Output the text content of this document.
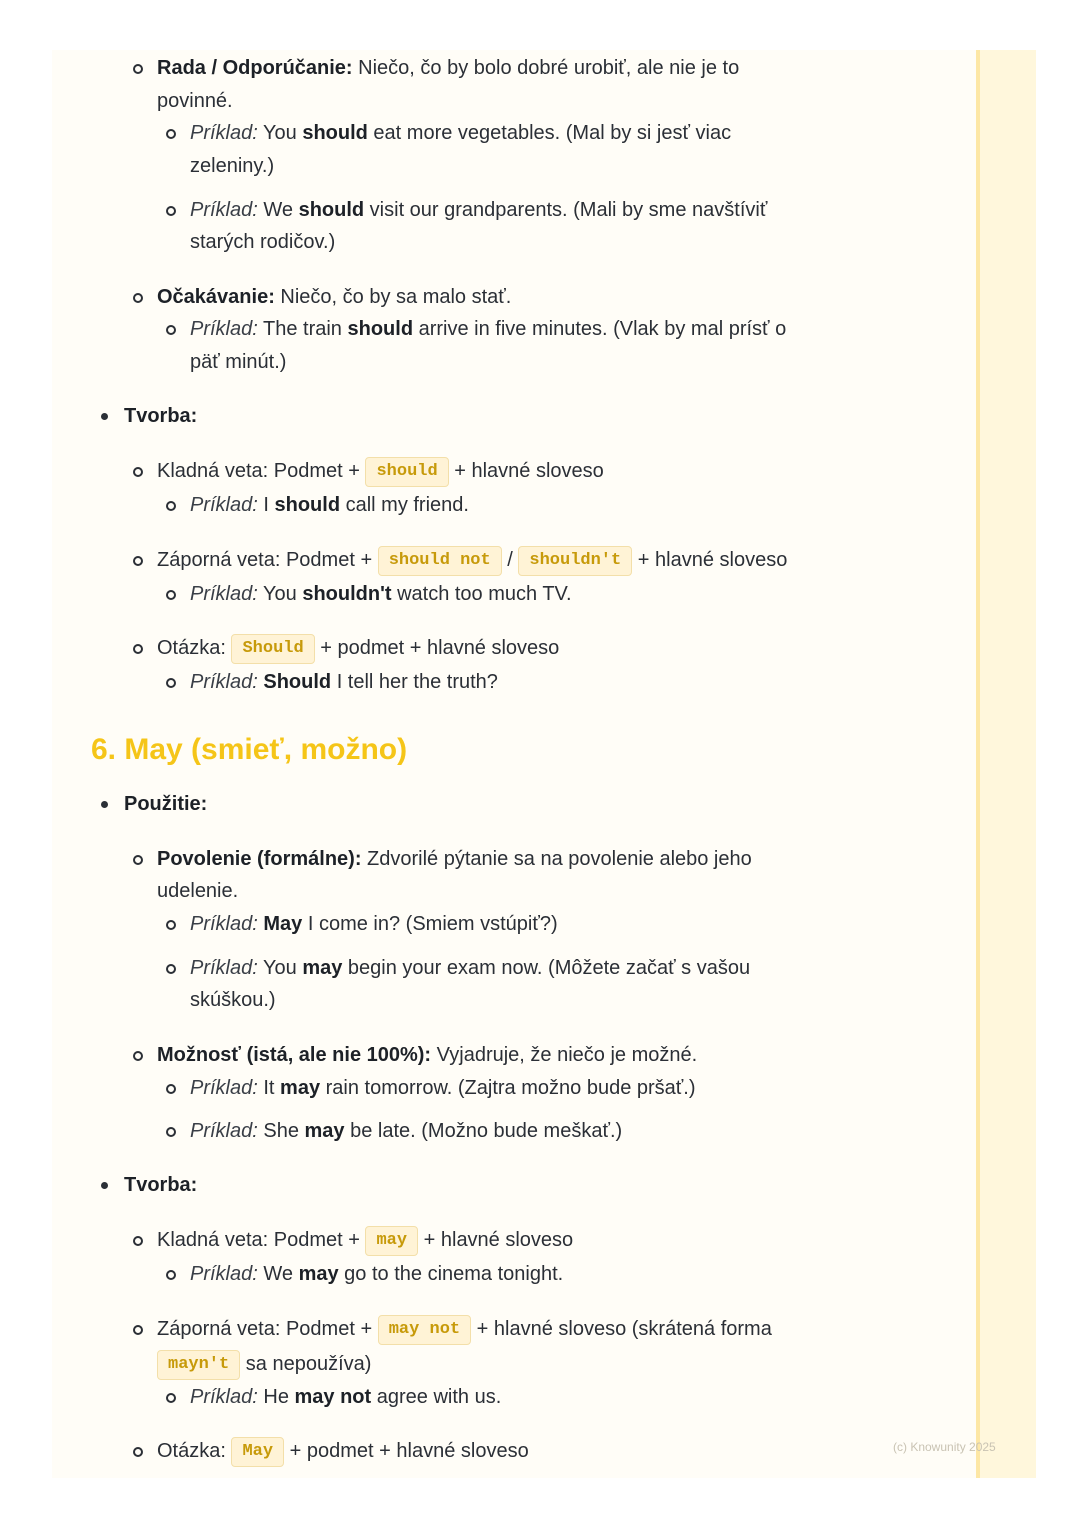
Rada / Odporúčanie: Niečo, čo by bolo dobré urobiť, ale nie je to
povinné.
Príklad: You should eat more vegetables. (Mal by si jesť viac
zeleniny.)
Príklad: We should visit our grandparents. (Mali by sme navštíviť
starých rodičov.)
Očakávanie: Niečo, čo by sa malo stať.
Príklad: The train should arrive in five minutes. (Vlak by mal prísť o
päť minút.)
Tvorba:
Kladná veta: Podmet + should + hlavné sloveso
Príklad: I should call my friend.
Záporná veta: Podmet + should not / shouldn't + hlavné sloveso
Príklad: You shouldn't watch too much TV.
Otázka: Should + podmet + hlavné sloveso
Príklad: Should I tell her the truth?
6. May (smieť, možno)
Použitie:
Povolenie (formálne): Zdvorilé pýtanie sa na povolenie alebo jeho
udelenie.
Príklad: May I come in? (Smiem vstúpiť?)
Príklad: You may begin your exam now. (Môžete začať s vašou
skúškou.)
Možnosť (istá, ale nie 100%): Vyjadruje, že niečo je možné.
Príklad: It may rain tomorrow. (Zajtra možno bude pršať.)
Príklad: She may be late. (Možno bude meškať.)
Tvorba:
Kladná veta: Podmet + may + hlavné sloveso
Príklad: We may go to the cinema tonight.
Záporná veta: Podmet + may not + hlavné sloveso (skrátená forma
mayn't sa nepoužíva)
Príklad: He may not agree with us.
Otázka: May + podmet + hlavné sloveso	(c) Knowunity 2025
